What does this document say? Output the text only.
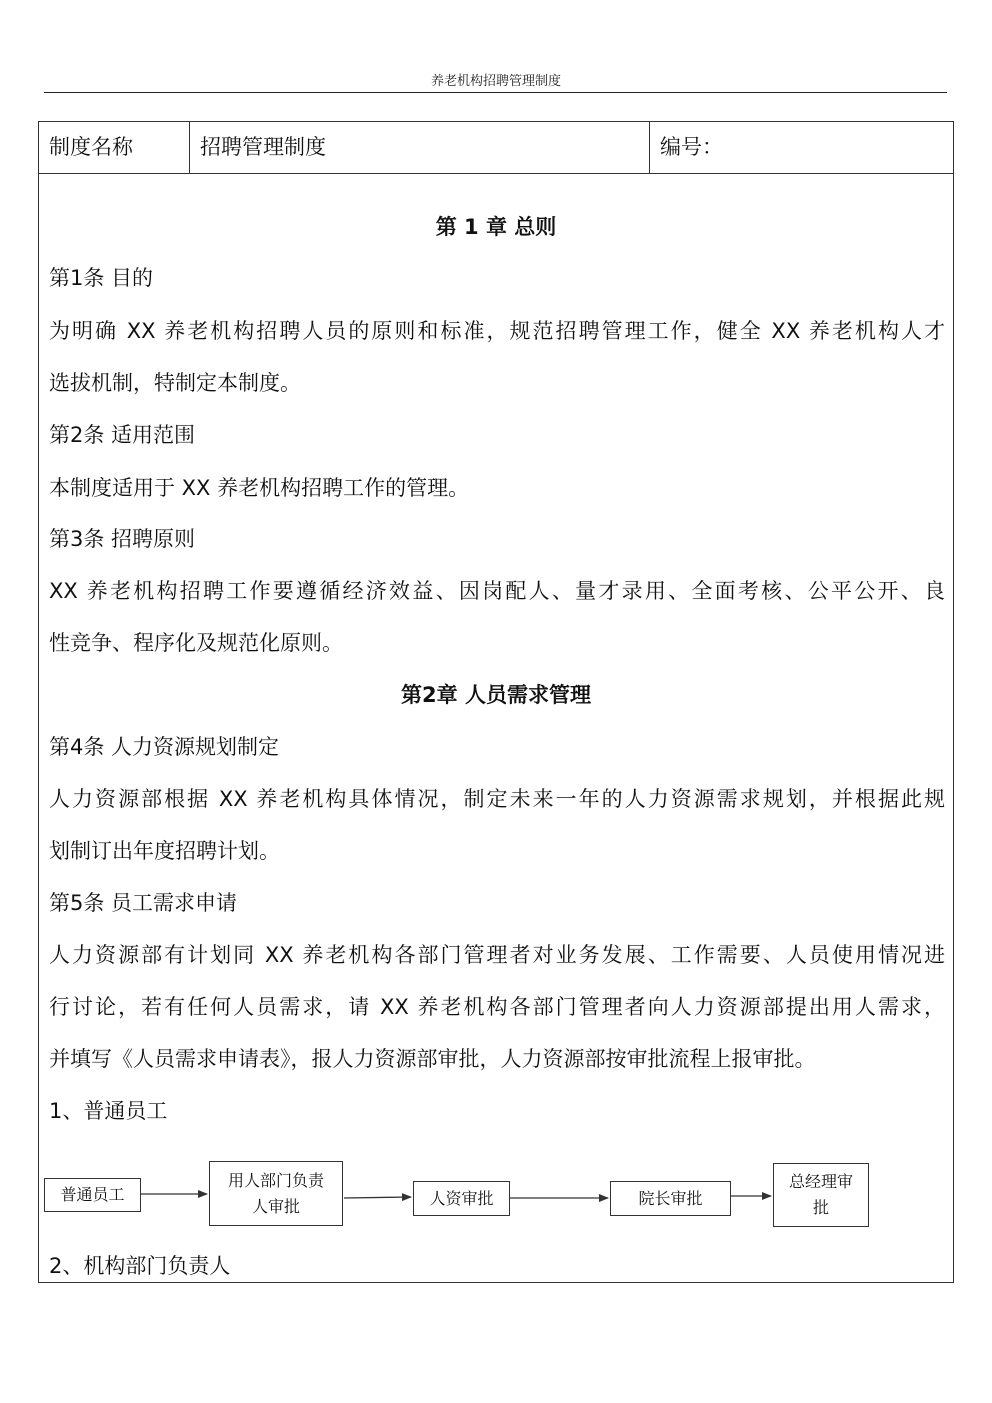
养老机构招聘管理制度
制度名称	招聘管理制度	编号：
第 1 章 总则
第1条 目的
为明确 XX 养老机构招聘人员的原则和标准，规范招聘管理工作，健全 XX 养老机构人才
选拔机制，特制定本制度。
第2条 适用范围
本制度适用于 XX 养老机构招聘工作的管理。
第3条 招聘原则
XX 养老机构招聘工作要遵循经济效益、因岗配人、量才录用、全面考核、公平公开、良
性竞争、程序化及规范化原则。
第2章 人员需求管理
第4条 人力资源规划制定
人力资源部根据 XX 养老机构具体情况，制定未来一年的人力资源需求规划，并根据此规
划制订出年度招聘计划。
第5条 员工需求申请
人力资源部有计划同 XX 养老机构各部门管理者对业务发展、工作需要、人员使用情况进
行讨论，若有任何人员需求，请 XX 养老机构各部门管理者向人力资源部提出用人需求，
并填写《人员需求申请表》，报人力资源部审批，人力资源部按审批流程上报审批。
1、普通员工
2、机构部门负责人
普通员工
用人部门负责
人审批	人资审批	院长审批
总经理审
批
